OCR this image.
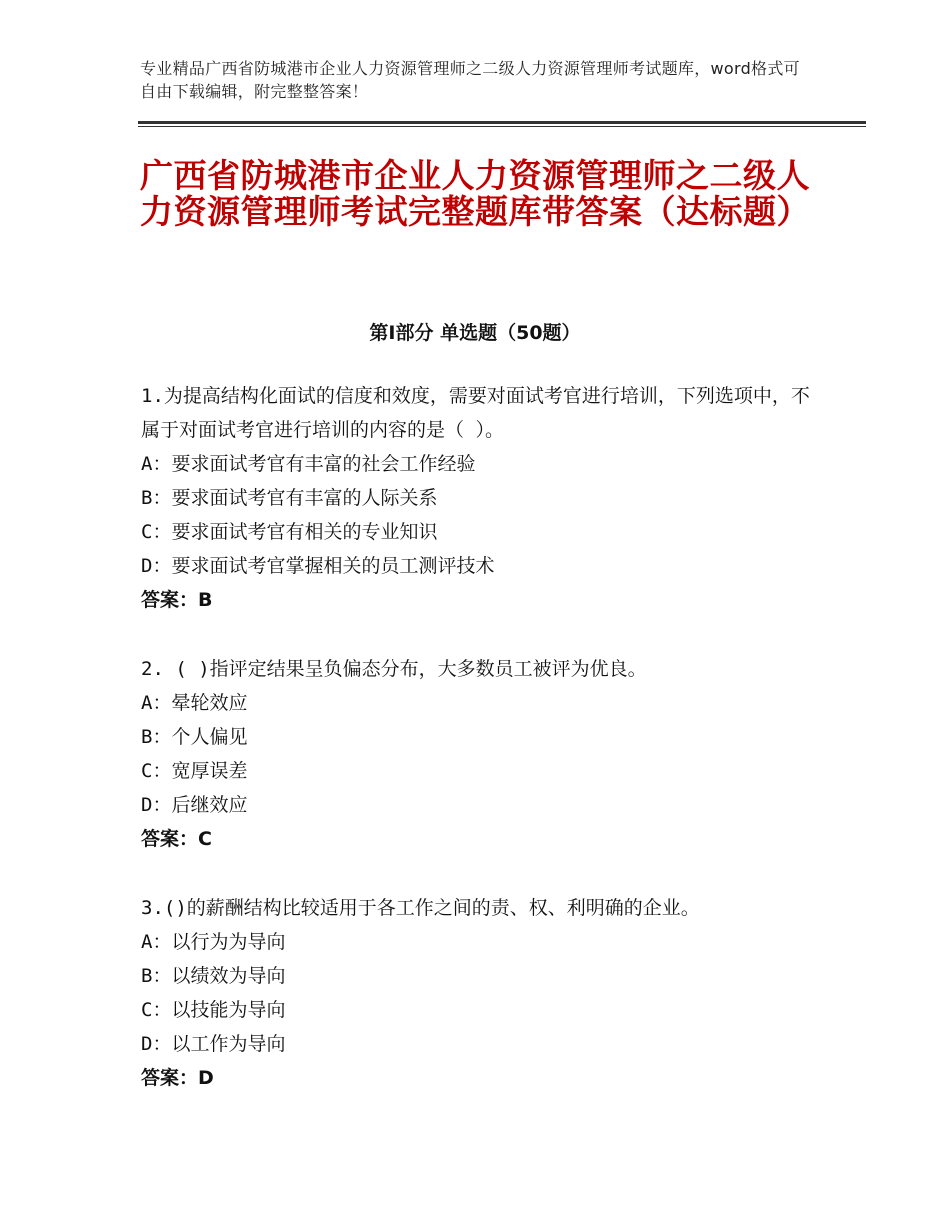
专业精品广西省防城港市企业人力资源管理师之二级人力资源管理师考试题库，word格式可自由下载编辑，附完整整答案！
广西省防城港市企业人力资源管理师之二级人力资源管理师考试完整题库带答案（达标题）
第Ⅰ部分 单选题（50题）
1.为提高结构化面试的信度和效度，需要对面试考官进行培训，下列选项中，不属于对面试考官进行培训的内容的是（ ）。
A：要求面试考官有丰富的社会工作经验
B：要求面试考官有丰富的人际关系
C：要求面试考官有相关的专业知识
D：要求面试考官掌握相关的员工测评技术
答案：B
2. ( )指评定结果呈负偏态分布，大多数员工被评为优良。
A：晕轮效应
B：个人偏见
C：宽厚误差
D：后继效应
答案：C
3.()的薪酬结构比较适用于各工作之间的责、权、利明确的企业。
A：以行为为导向
B：以绩效为导向
C：以技能为导向
D：以工作为导向
答案：D
